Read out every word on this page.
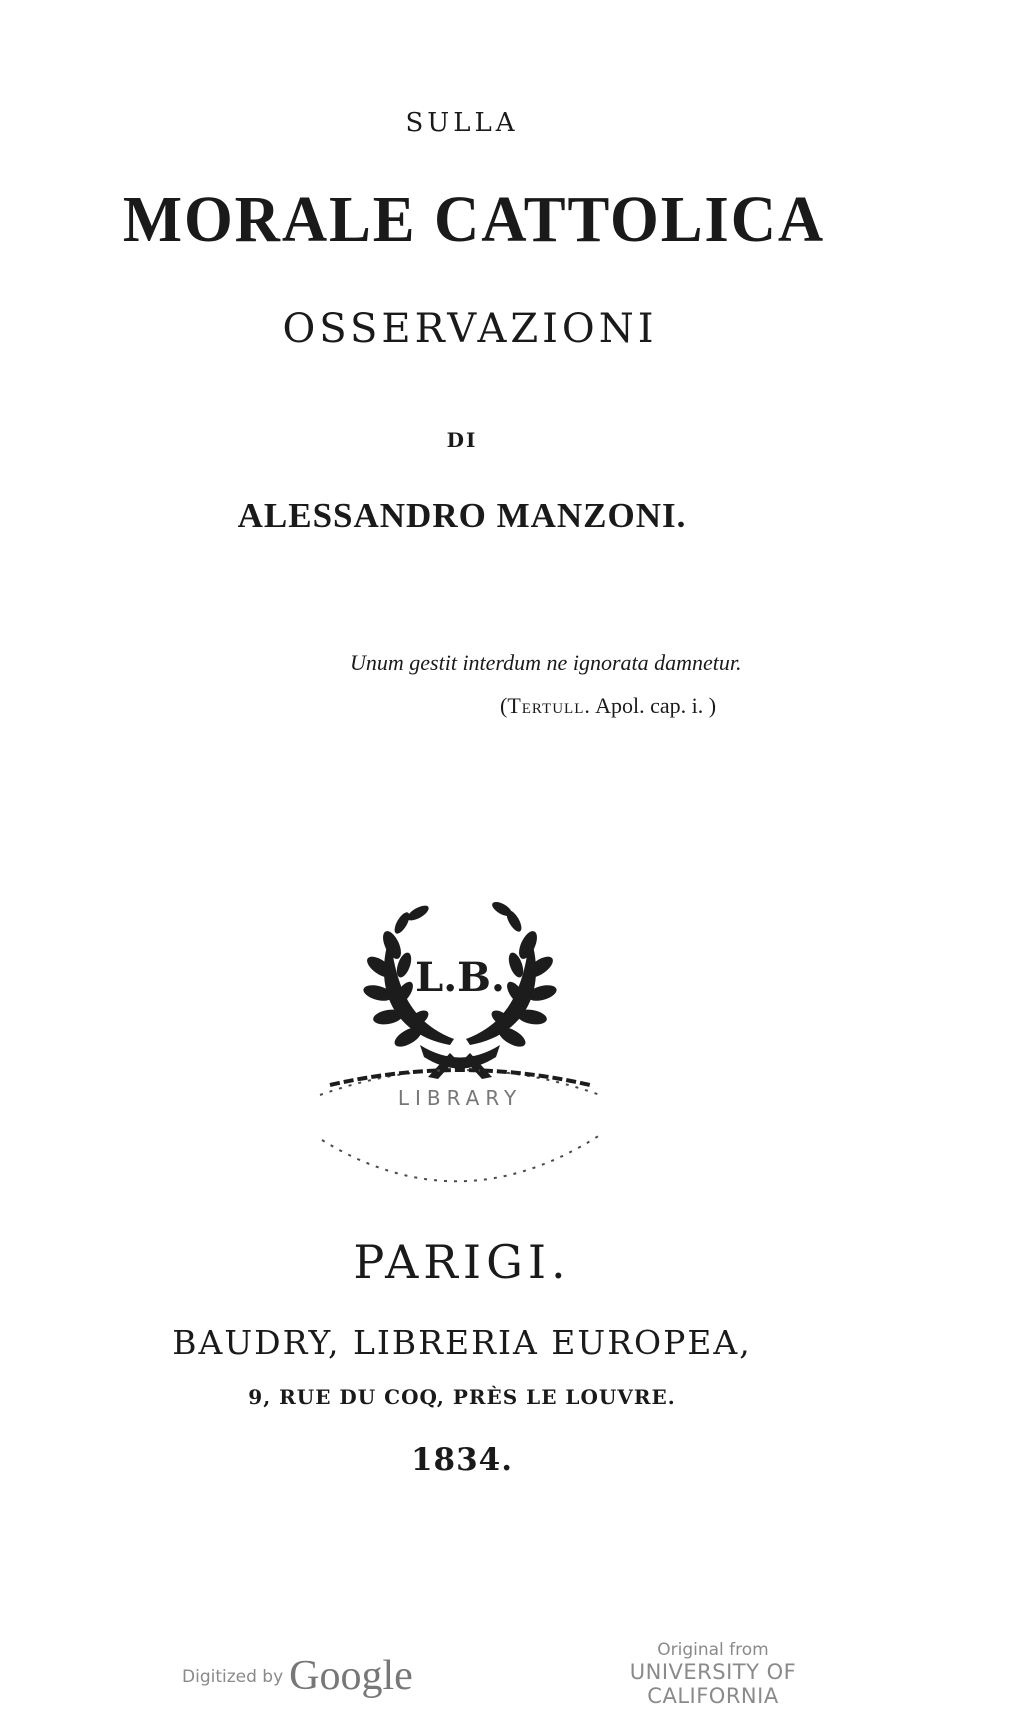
SULLA
MORALE CATTOLICA
OSSERVAZIONI
DI
ALESSANDRO MANZONI.
Unum gestit interdum ne ignorata damnetur.
(Tertull. Apol. cap. i. )
L.B.
LIBRARY
PARIGI.
BAUDRY, LIBRERIA EUROPEA,
9, RUE DU COQ, PRÈS LE LOUVRE.
1834.
Digitized by Google
Original from
UNIVERSITY OF CALIFORNIA
